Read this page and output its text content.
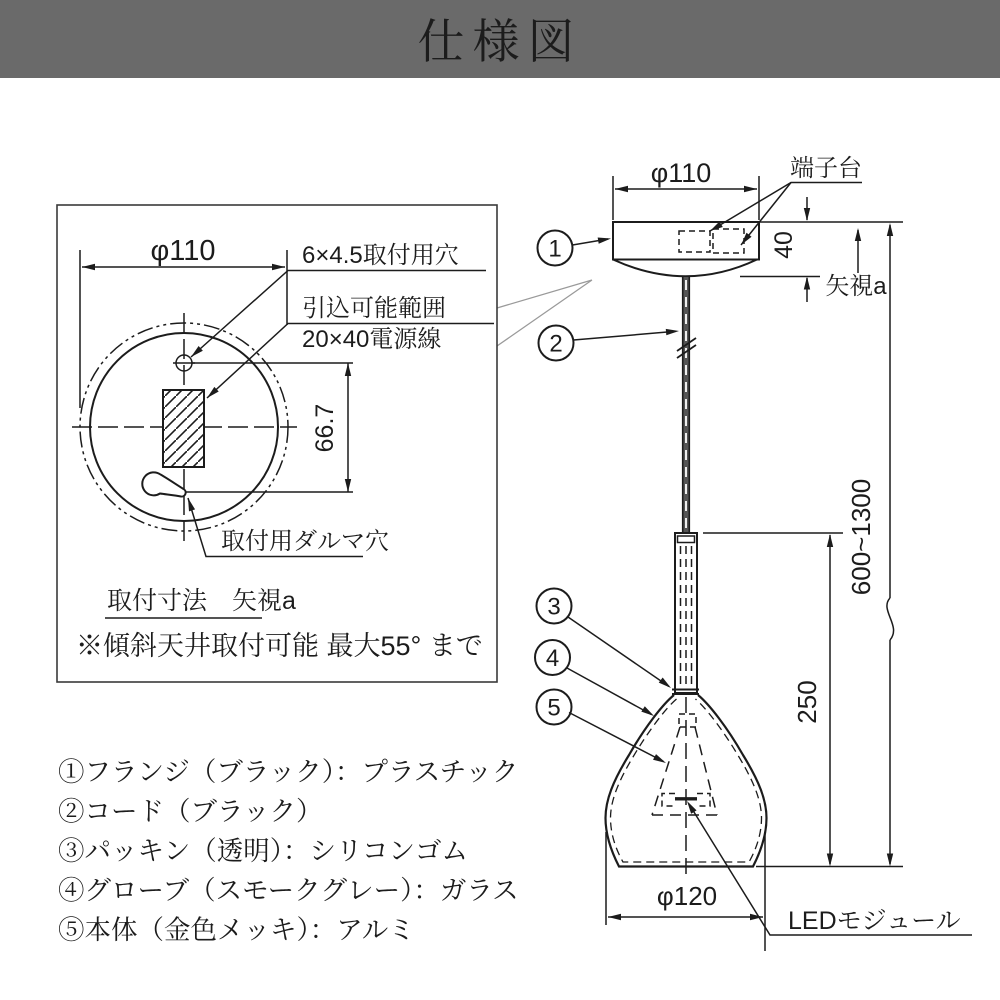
仕様図
φ110
66.7
6×4.5取付用穴
引込可能範囲
20×40電源線
取付用ダルマ穴
取付寸法　矢視a
※傾斜天井取付可能 最大55° まで
φ110	端子台
1
2
3
4
5
40
矢視a
600~1300
250
φ120
LEDモジュール
①フランジ（ブラック）：プラスチック
②コード（ブラック）
③パッキン（透明）：シリコンゴム
④グローブ（スモークグレー）：ガラス
⑤本体（金色メッキ）：アルミ
